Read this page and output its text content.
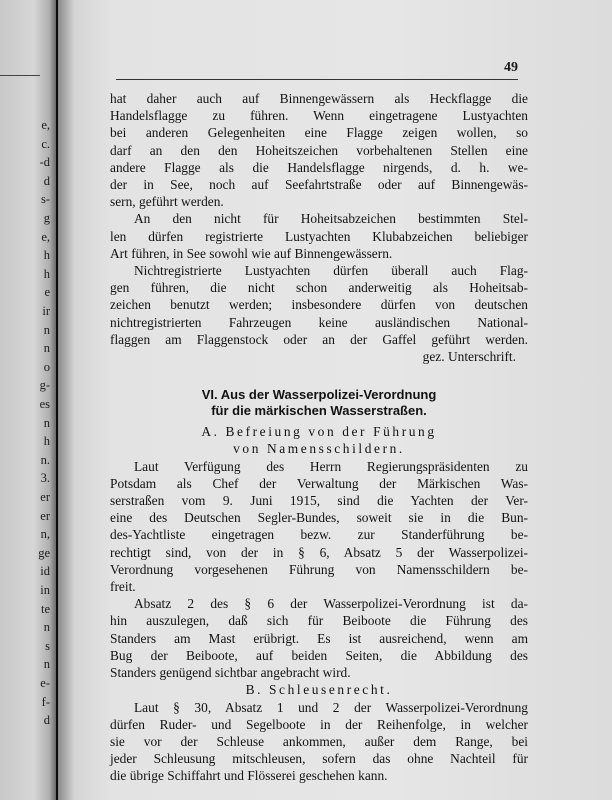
e,
c.
-d
d
s-
g
e,
h
h
e
ir
n
n
o
g-
es
n
h
n.
3.
er
er
n,
ge
id
in
te
n
s
n
e-
f-
d
49
hat daher auch auf Binnengewässern als Heckflagge die
Handelsflagge zu führen. Wenn eingetragene Lustyachten
bei anderen Gelegenheiten eine Flagge zeigen wollen, so
darf an den den Hoheitszeichen vorbehaltenen Stellen eine
andere Flagge als die Handelsflagge nirgends, d. h. we-
der in See, noch auf Seefahrtstraße oder auf Binnengewäs-
sern, geführt werden.
An den nicht für Hoheitsabzeichen bestimmten Stel-
len dürfen registrierte Lustyachten Klubabzeichen beliebiger
Art führen, in See sowohl wie auf Binnengewässern.
Nichtregistrierte Lustyachten dürfen überall auch Flag-
gen führen, die nicht schon anderweitig als Hoheitsab-
zeichen benutzt werden; insbesondere dürfen von deutschen
nichtregistrierten Fahrzeugen keine ausländischen National-
flaggen am Flaggenstock oder an der Gaffel geführt werden.
gez. Unterschrift.
VI. Aus der Wasserpolizei-Verordnung
für die märkischen Wasserstraßen.
A. Befreiung von der Führung
von Namensschildern.
Laut Verfügung des Herrn Regierungspräsidenten zu
Potsdam als Chef der Verwaltung der Märkischen Was-
serstraßen vom 9. Juni 1915, sind die Yachten der Ver-
eine des Deutschen Segler-Bundes, soweit sie in die Bun-
des-Yachtliste eingetragen bezw. zur Standerführung be-
rechtigt sind, von der in § 6, Absatz 5 der Wasserpolizei-
Verordnung vorgesehenen Führung von Namensschildern be-
freit.
Absatz 2 des § 6 der Wasserpolizei-Verordnung ist da-
hin auszulegen, daß sich für Beiboote die Führung des
Standers am Mast erübrigt. Es ist ausreichend, wenn am
Bug der Beiboote, auf beiden Seiten, die Abbildung des
Standers genügend sichtbar angebracht wird.
B. Schleusenrecht.
Laut § 30, Absatz 1 und 2 der Wasserpolizei-Verordnung
dürfen Ruder- und Segelboote in der Reihenfolge, in welcher
sie vor der Schleuse ankommen, außer dem Range, bei
jeder Schleusung mitschleusen, sofern das ohne Nachteil für
die übrige Schiffahrt und Flösserei geschehen kann.
